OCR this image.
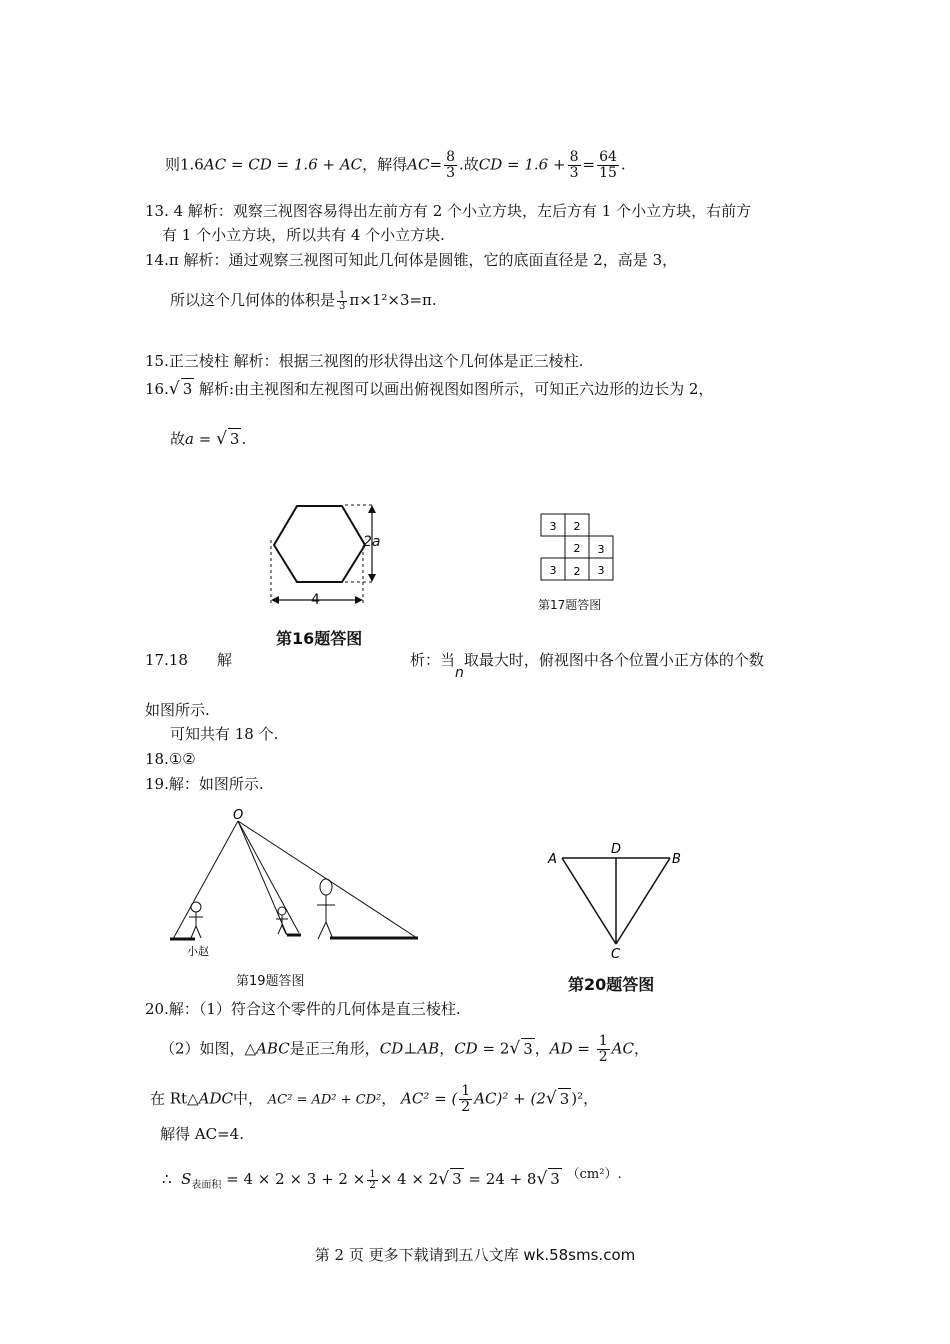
则1.6AC = CD = 1.6 + AC，解得$AC= \frac{8}{3}$ .故CD = $1.6 + \frac{8}{3} = \frac{64}{15}$ .
13. 4 解析：观察三视图容易得出左前方有 2 个小立方块，左后方有 1 个小立方块，右前方
有 1 个小立方块，所以共有 4 个小立方块.
14.π 解析：通过观察三视图可知此几何体是圆锥，它的底面直径是 2，高是 3，
所以这个几何体的体积是 $\frac{1}{3} \pi\times 1^2\times 3=\pi$.
15.正三棱柱 解析：根据三视图的形状得出这个几何体是正三棱柱.
16.√ 3 解析:由主视图和左视图可以画出俯视图如图所示，可知正六边形的边长为 2，
故a = √ 3 .
2a
4
第16题答图
3 2
2 3
3 2 3
第17题答图
17.18 解	析：当n取最大时，俯视图中各个位置小正方体的个数
如图所示.
可知共有 18 个.
18.①②
19.解：如图所示.
O
小赵
第19题答图
A	B
D
C
第20题答图
20.解：（1）符合这个零件的几何体是直三棱柱.
（2）如图，△ABC是正三角形，CD⊥AB，CD = 2√ 3 ，AD = $\frac{1}{2}$ AC，
在 Rt△ADC中， AC² = AD² + CD²， AC² = ( $\frac{1}{2} AC)^2 + (2√$ 3 )²，
解得 AC=4.
∴ $S_{表面积} = 4 \times 2 \times 3 + 2 \times \frac{1}{2} \times 4 \times 2√$ 3 = 24 + 8√ 3 （cm²）.
第 2 页 更多下载请到五八文库 wk.58sms.com
